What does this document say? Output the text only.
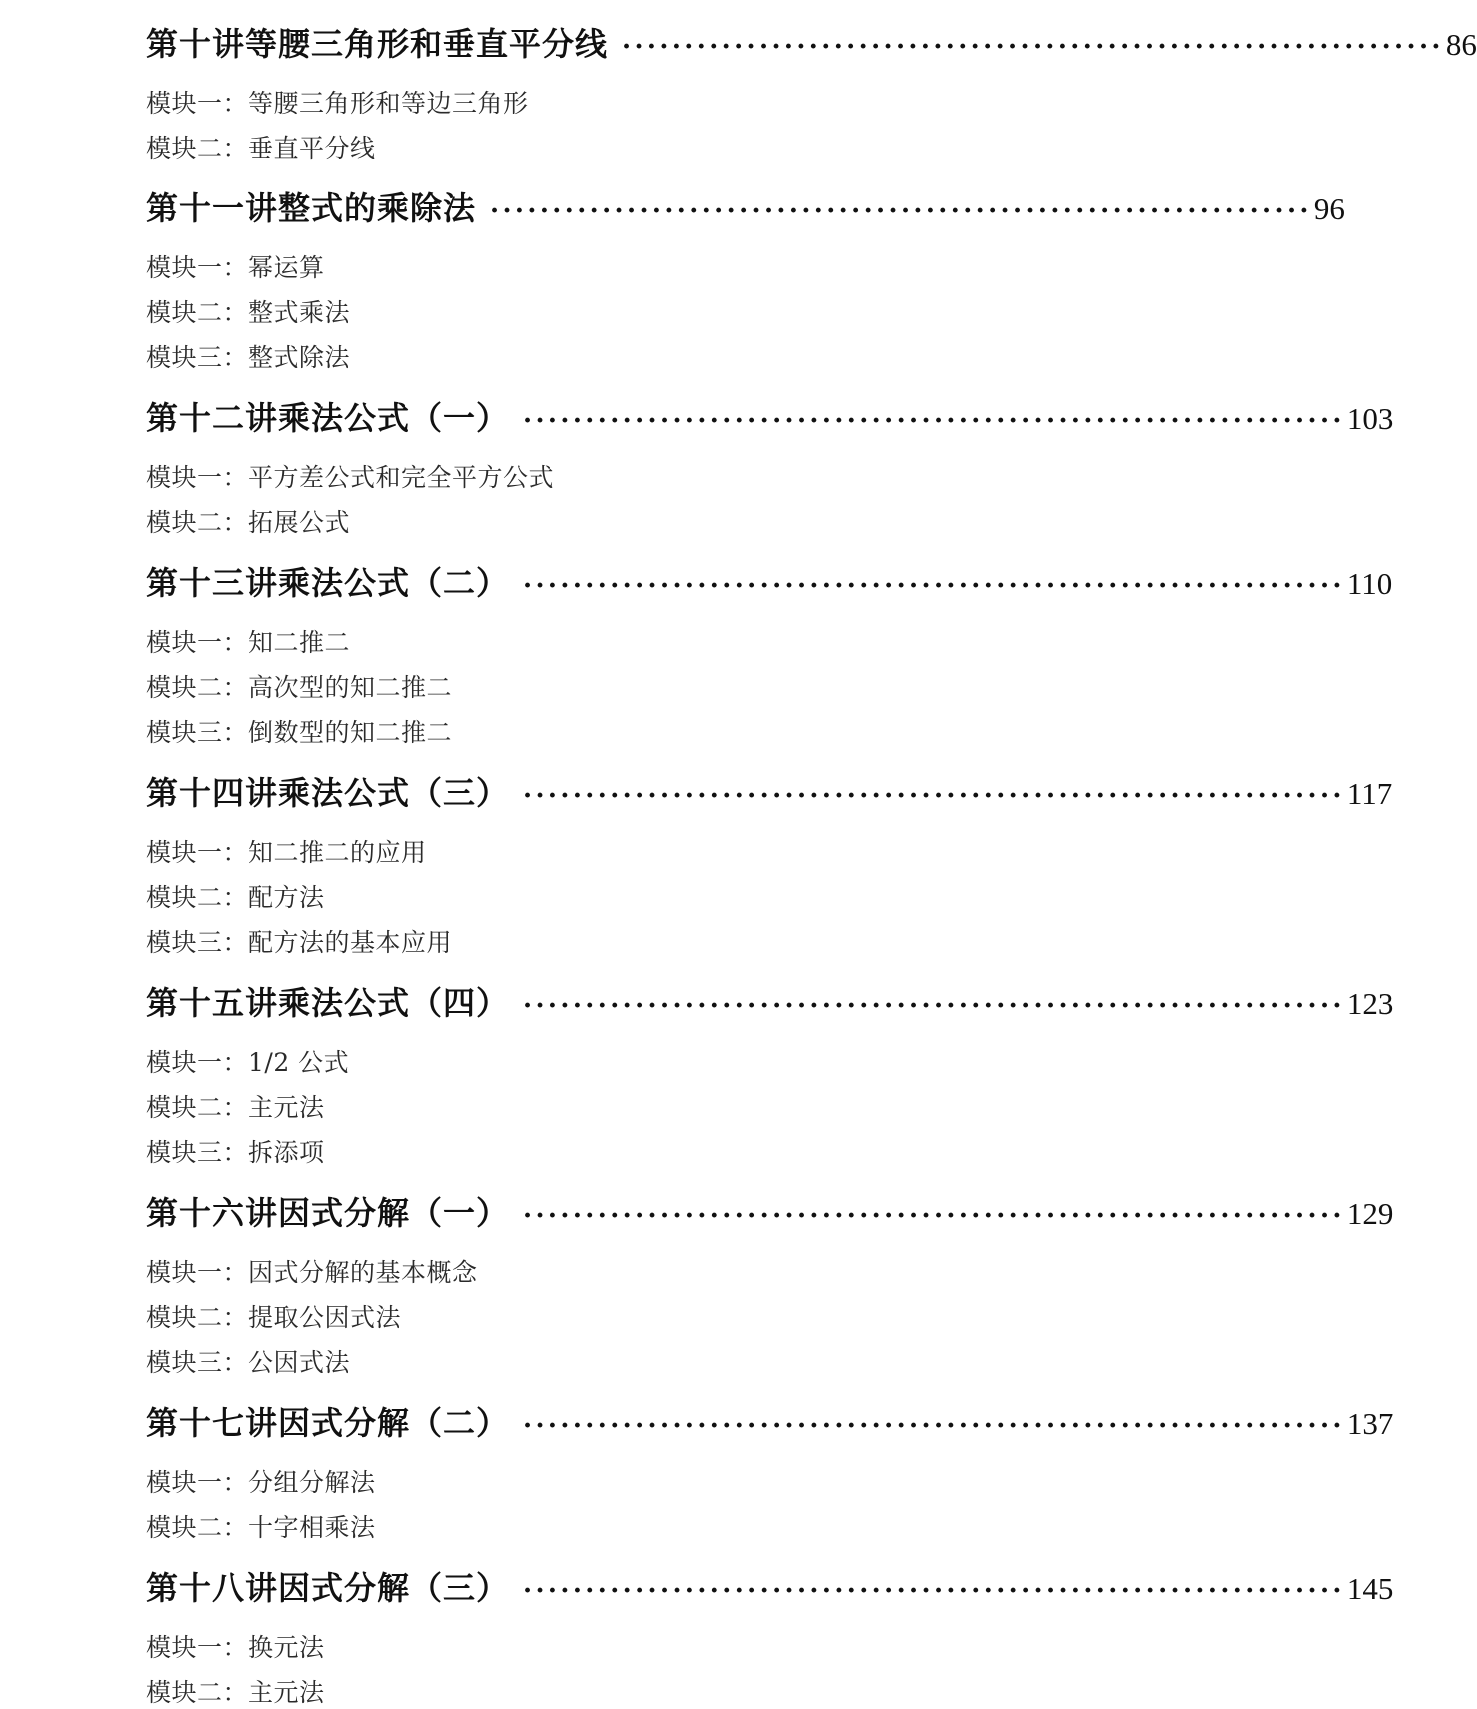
第十讲 等腰三角形和垂直平分线 ·································································· 86
模块一：等腰三角形和等边三角形
模块二：垂直平分线
第十一讲 整式的乘除法 ·································································· 96
模块一：幂运算
模块二：整式乘法
模块三：整式除法
第十二讲 乘法公式（一） ·································································· 103
模块一：平方差公式和完全平方公式
模块二：拓展公式
第十三讲 乘法公式（二） ·································································· 110
模块一：知二推二
模块二：高次型的知二推二
模块三：倒数型的知二推二
第十四讲 乘法公式（三） ·································································· 117
模块一：知二推二的应用
模块二：配方法
模块三：配方法的基本应用
第十五讲 乘法公式（四） ·································································· 123
模块一：1/2 公式
模块二：主元法
模块三：拆添项
第十六讲 因式分解（一） ·································································· 129
模块一：因式分解的基本概念
模块二：提取公因式法
模块三：公因式法
第十七讲 因式分解（二） ·································································· 137
模块一：分组分解法
模块二：十字相乘法
第十八讲 因式分解（三） ·································································· 145
模块一：换元法
模块二：主元法
